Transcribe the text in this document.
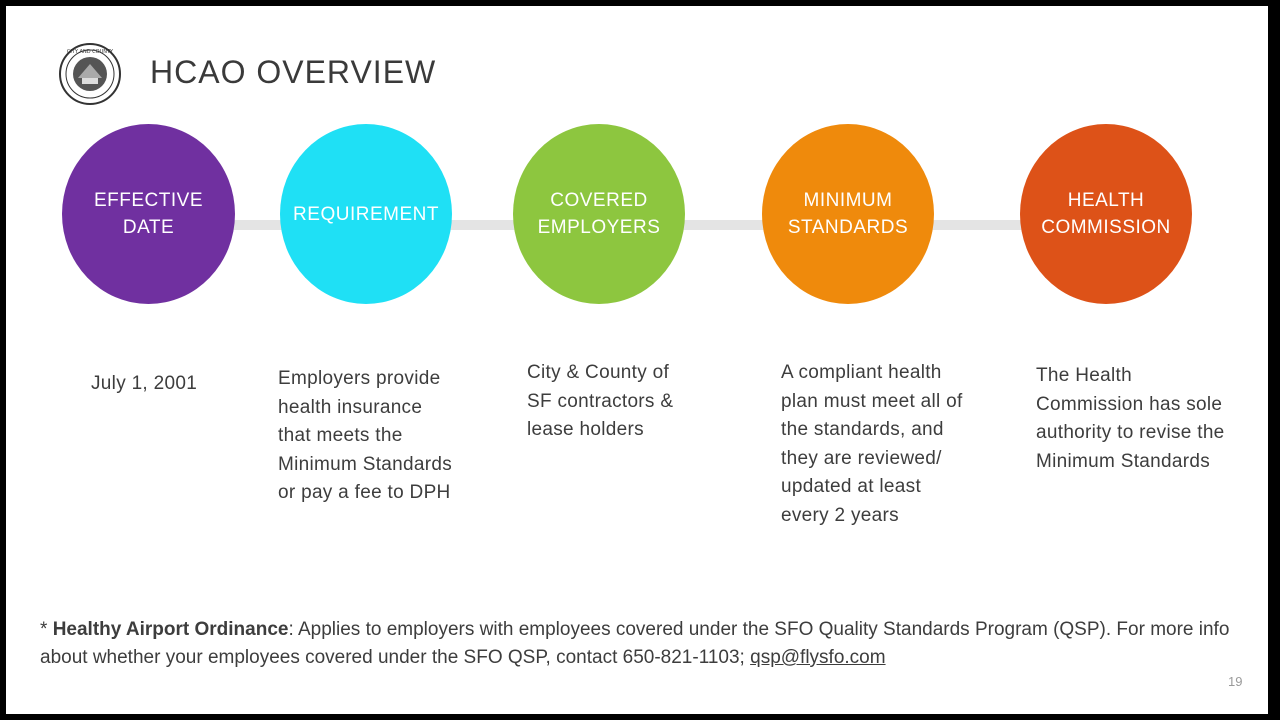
CITY AND COUNTY
HCAO OVERVIEW
EFFECTIVE
DATE
REQUIREMENT
COVERED
EMPLOYERS
MINIMUM
STANDARDS
HEALTH
COMMISSION
July 1, 2001	Employers provide health insurance that meets the Minimum Standards or pay a fee to DPH
City & County of SF contractors & lease holders
A compliant health plan must meet all of the standards, and they are reviewed/ updated at least every 2 years
The Health Commission has sole authority to revise the Minimum Standards
* Healthy Airport Ordinance: Applies to employers with employees covered under the SFO Quality Standards Program (QSP). For more info about whether your employees covered under the SFO QSP, contact 650-821-1103; qsp@flysfo.com
19
